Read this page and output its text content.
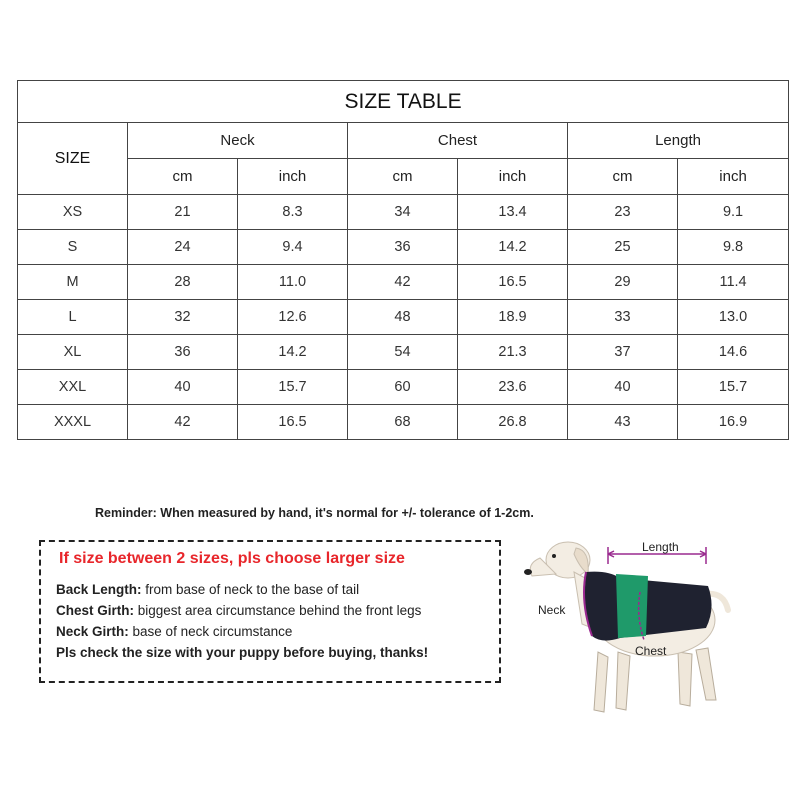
SIZE TABLE						
SIZE	Neck		Chest		Length	
	cm	inch	cm	inch	cm	inch
XS	21	8.3	34	13.4	23	9.1
S	24	9.4	36	14.2	25	9.8
M	28	11.0	42	16.5	29	11.4
L	32	12.6	48	18.9	33	13.0
XL	36	14.2	54	21.3	37	14.6
XXL	40	15.7	60	23.6	40	15.7
XXXL	42	16.5	68	26.8	43	16.9
Reminder: When measured by hand, it's normal for +/- tolerance of 1-2cm.
If size between 2 sizes, pls choose larger size
Back Length: from base of neck to the base of tail
Chest Girth: biggest area circumstance behind the front legs
Neck Girth: base of neck circumstance
Pls check the size with your puppy before buying, thanks!
Length
Neck
Chest
